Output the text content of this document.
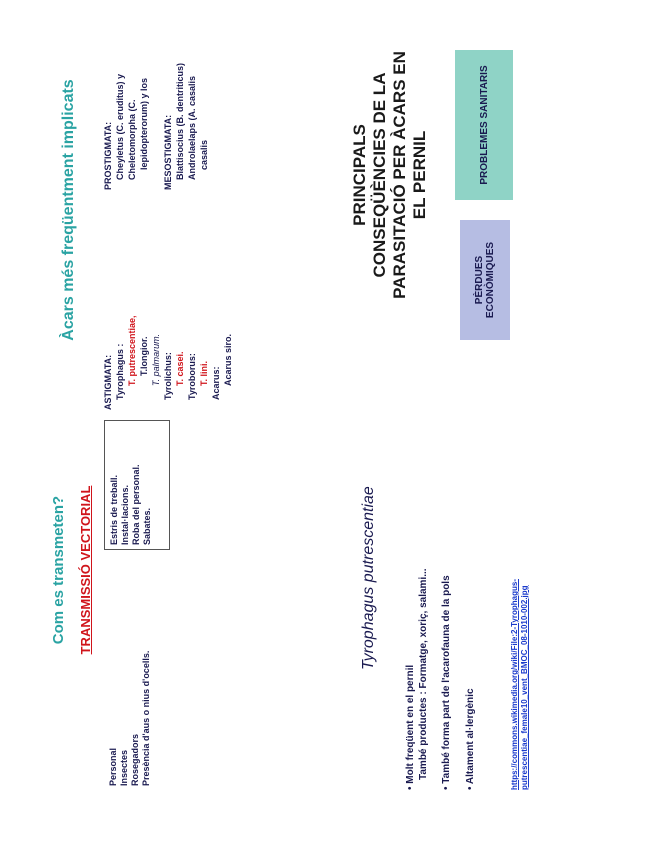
Àcars més freqüentment implicats
ASTIGMATA: Tyrophagus : T. putrescentiae, T.longior. T. palmarum. Tyrolichus: T. casei. Tyroborus: T. lini. Acarus: Acarus siro.
PROSTIGMATA: Cheyletus (C. eruditus) y Cheletomorpha (C. lepidopterorum) y los MESOSTIGMATA: Blattisocius (B. dentriticus) Androlaelaps (A. casalis casalis	PRINCIPALS CONSEQÜÈNCIES DE LA PARASITACIÓ PER ÀCARS EN EL PERNIL
PÈRDUES ECONÒMIQUES
PROBLEMES SANITARIS
Com es transmeten? TRANSMISSIÓ VECTORIAL
Personal Insectes Rosegadors Presència d'aus o nius d'ocells.
Estris de treball. Instal·lacions. Roba del personal. Sabates.	Tyrophagus putrescentiae
• Molt freqüent en el pernil També productes : Formatge, xoriç, salami...
• També forma part de l'acarofauna de la pols
• Altament al·lergènic	https://commons.wikimedia.org/wiki/File:2-Tyrophagus- putrescentiae_female10_vent_BMOC_08-1010-002.jpg
